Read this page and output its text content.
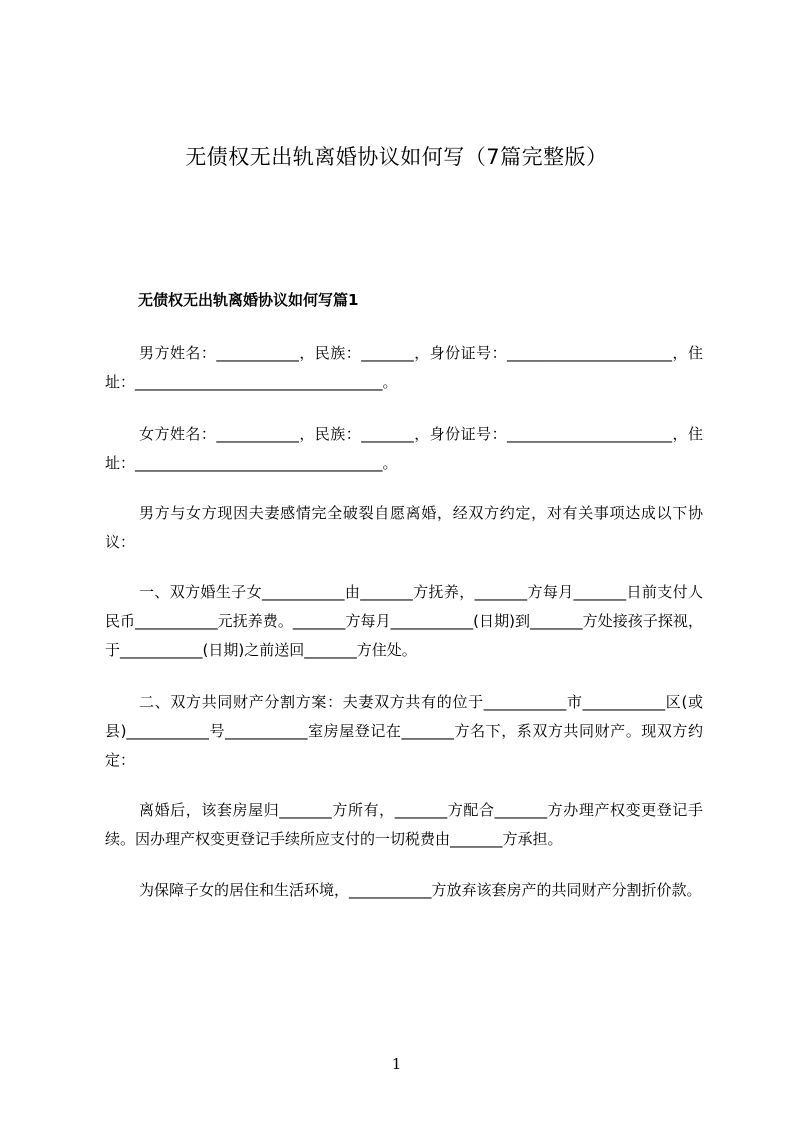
无债权无出轨离婚协议如何写（7篇完整版）
无债权无出轨离婚协议如何写篇1
男方姓名：___________，民族：_______，身份证号：______________________，住址：_________________________________。
女方姓名：___________，民族：_______，身份证号：______________________，住址：_________________________________。
男方与女方现因夫妻感情完全破裂自愿离婚，经双方约定，对有关事项达成以下协议：
一、双方婚生子女___________由_______方抚养，_______方每月_______日前支付人民币___________元抚养费。_______方每月___________(日期)到_______方处接孩子探视，于___________(日期)之前送回_______方住处。
二、双方共同财产分割方案：夫妻双方共有的位于___________市___________区(或县)___________号___________室房屋登记在_______方名下，系双方共同财产。现双方约定：
离婚后，该套房屋归_______方所有，_______方配合_______方办理产权变更登记手续。因办理产权变更登记手续所应支付的一切税费由_______方承担。
为保障子女的居住和生活环境，___________方放弃该套房产的共同财产分割折价款。
1
